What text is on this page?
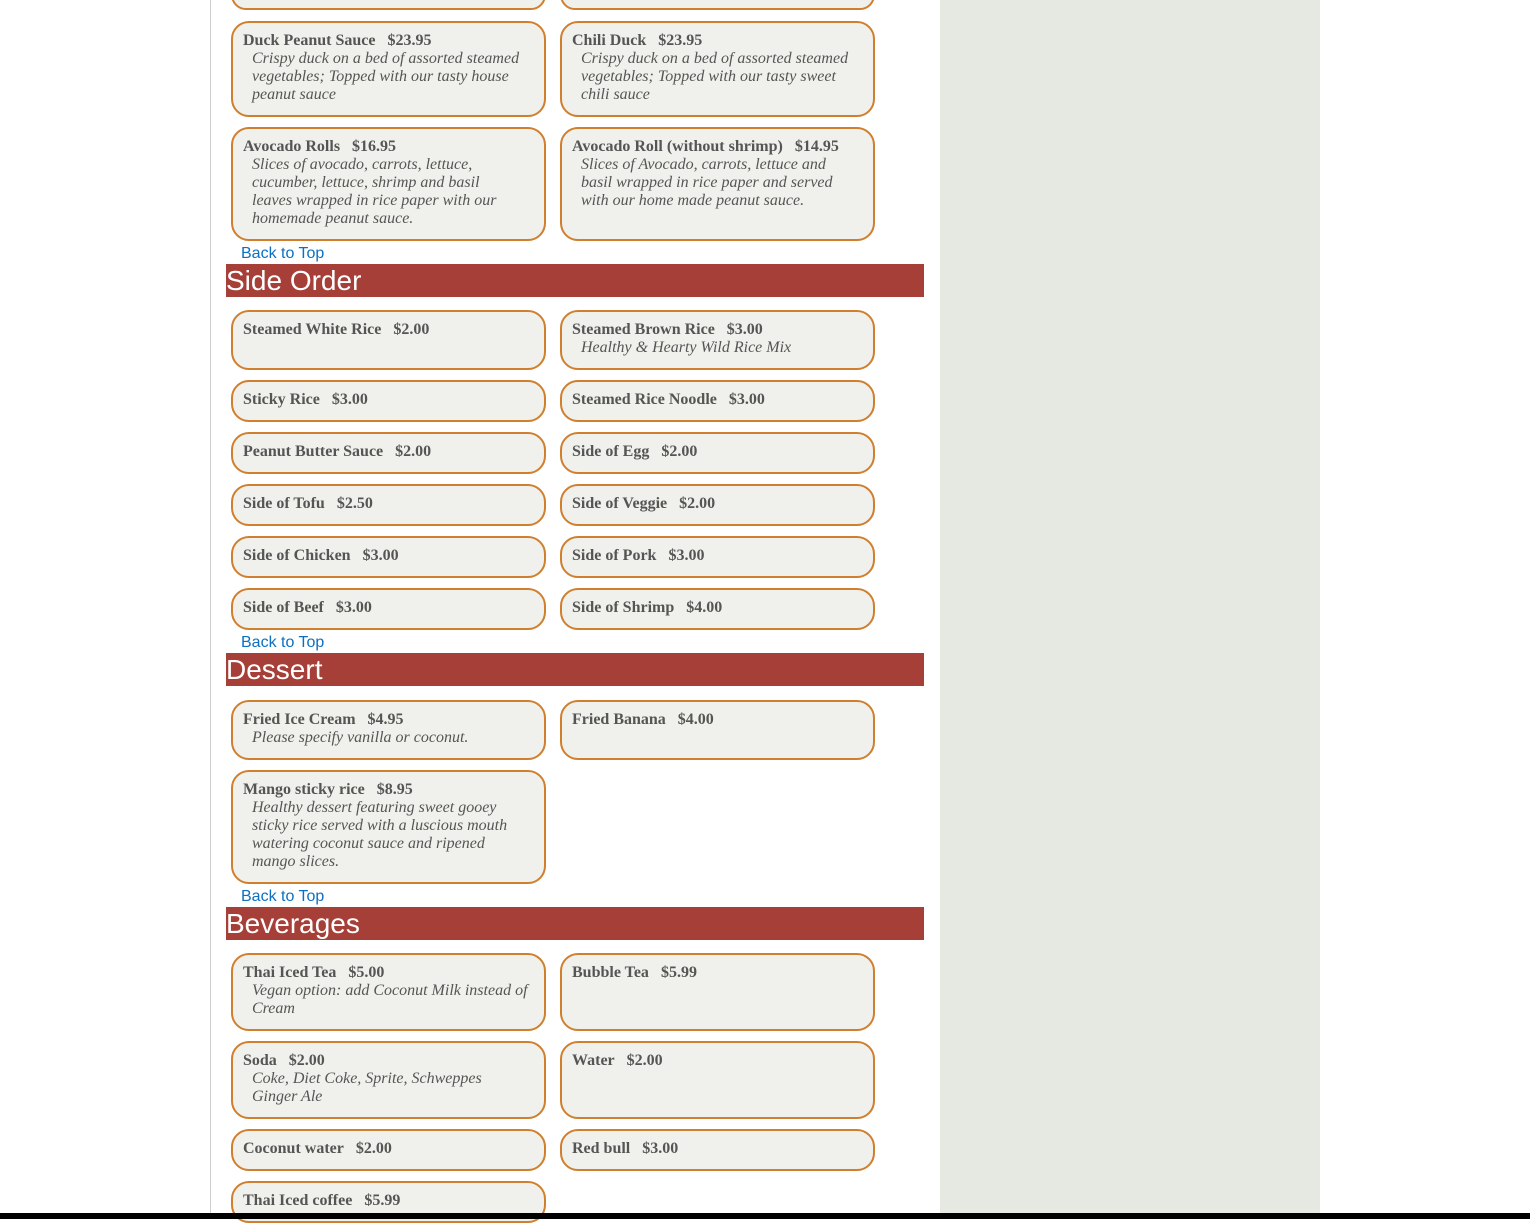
Duck Peanut Sauce $23.95
Crispy duck on a bed of assorted steamed vegetables; Topped with our tasty house peanut sauce
Chili Duck $23.95
Crispy duck on a bed of assorted steamed vegetables; Topped with our tasty sweet chili sauce
Avocado Rolls $16.95
Slices of avocado, carrots, lettuce, cucumber, lettuce, shrimp and basil leaves wrapped in rice paper with our homemade peanut sauce.
Avocado Roll (without shrimp) $14.95
Slices of Avocado, carrots, lettuce and basil wrapped in rice paper and served with our home made peanut sauce.
Back to Top
Side Order
Steamed White Rice $2.00	Steamed Brown Rice $3.00
Healthy & Hearty Wild Rice Mix
Sticky Rice $3.00	Steamed Rice Noodle $3.00
Peanut Butter Sauce $2.00	Side of Egg $2.00
Side of Tofu $2.50	Side of Veggie $2.00
Side of Chicken $3.00	Side of Pork $3.00
Side of Beef $3.00	Side of Shrimp $4.00
Back to Top
Dessert
Fried Ice Cream $4.95
Please specify vanilla or coconut.
Fried Banana $4.00
Mango sticky rice $8.95
Healthy dessert featuring sweet gooey sticky rice served with a luscious mouth watering coconut sauce and ripened mango slices.
Back to Top
Beverages
Thai Iced Tea $5.00
Vegan option: add Coconut Milk instead of Cream
Bubble Tea $5.99
Soda $2.00
Coke, Diet Coke, Sprite, Schweppes Ginger Ale
Water $2.00
Coconut water $2.00	Red bull $3.00
Thai Iced coffee $5.99
